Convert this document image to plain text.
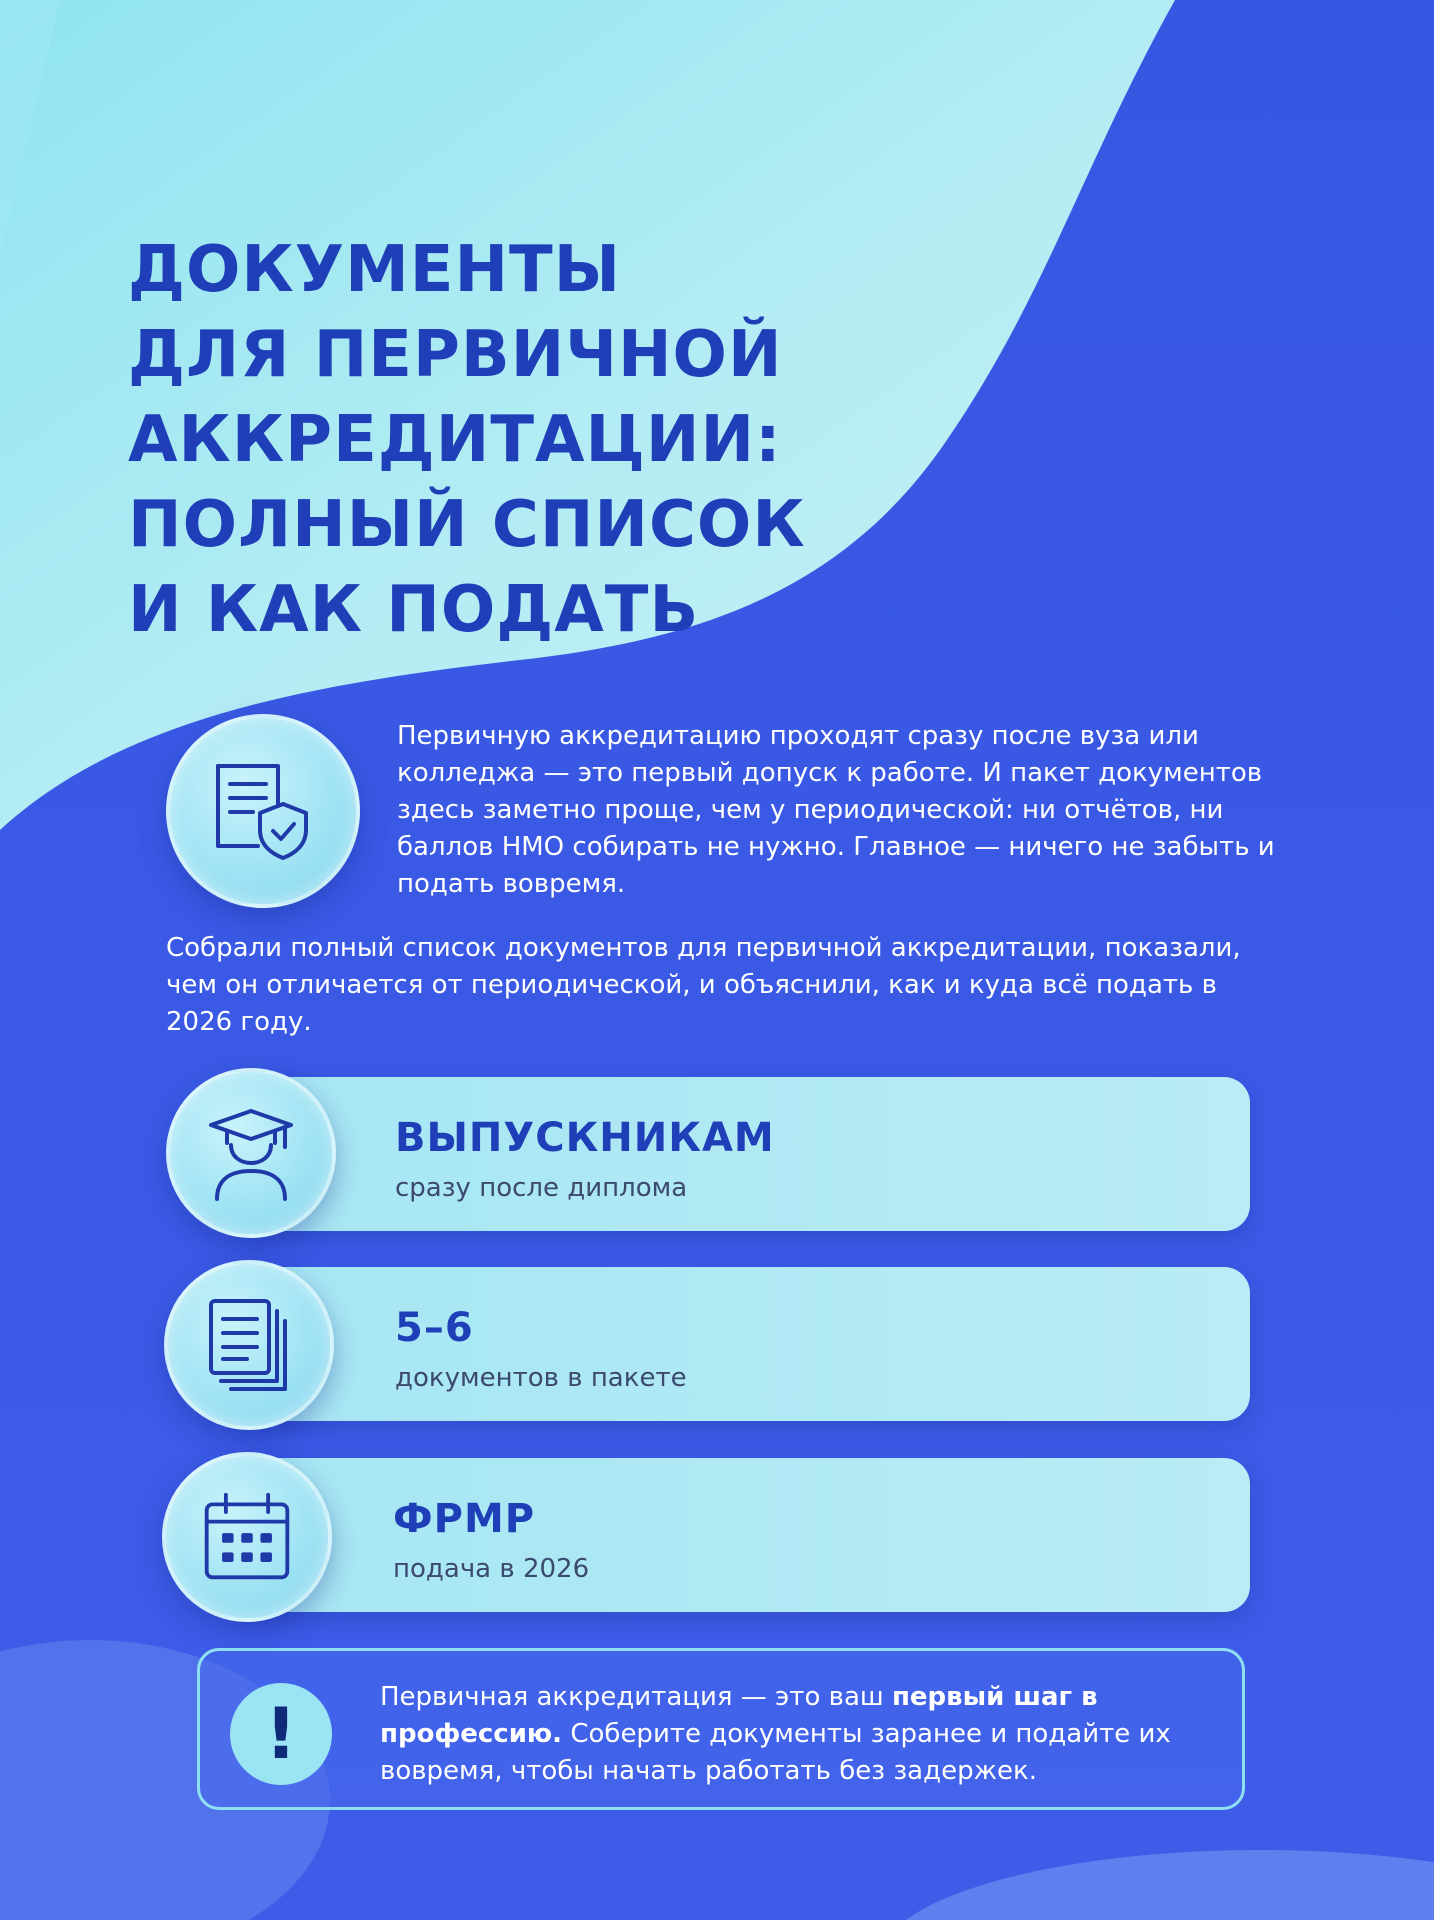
ДОКУМЕНТЫ
ДЛЯ ПЕРВИЧНОЙ
АККРЕДИТАЦИИ:
ПОЛНЫЙ СПИСОК
И КАК ПОДАТЬ

Первичную аккредитацию проходят сразу после вуза или колледжа — это первый допуск к работе. И пакет документов здесь заметно проще, чем у периодической: ни отчётов, ни баллов НМО собирать не нужно. Главное — ничего не забыть и подать вовремя.

Собрали полный список документов для первичной аккредитации, показали, чем он отличается от периодической, и объяснили, как и куда всё подать в 2026 году.

ВЫПУСКНИКАМ

сразу после диплома

5–6

документов в пакете

ФРМР

подача в 2026

!	Первичная аккредитация — это ваш первый шаг в профессию. Соберите документы заранее и подайте их вовремя, чтобы начать работать без задержек.
